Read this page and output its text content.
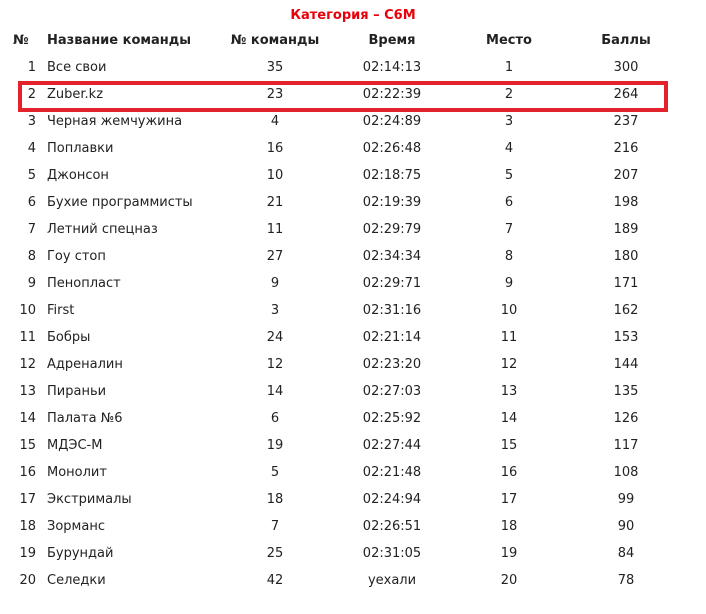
Категория – С6М
№	Название команды	№ команды	Время	Место	Баллы
1	Все свои	35	02:14:13	1	300
2	Zuber.kz	23	02:22:39	2	264
3	Черная жемчужина	4	02:24:89	3	237
4	Поплавки	16	02:26:48	4	216
5	Джонсон	10	02:18:75	5	207
6	Бухие программисты	21	02:19:39	6	198
7	Летний спецназ	11	02:29:79	7	189
8	Гоу стоп	27	02:34:34	8	180
9	Пенопласт	9	02:29:71	9	171
10	First	3	02:31:16	10	162
11	Бобры	24	02:21:14	11	153
12	Адреналин	12	02:23:20	12	144
13	Пираньи	14	02:27:03	13	135
14	Палата №6	6	02:25:92	14	126
15	МДЭС-М	19	02:27:44	15	117
16	Монолит	5	02:21:48	16	108
17	Экстрималы	18	02:24:94	17	99
18	Зорманс	7	02:26:51	18	90
19	Бурундай	25	02:31:05	19	84
20	Селедки	42	уехали	20	78
